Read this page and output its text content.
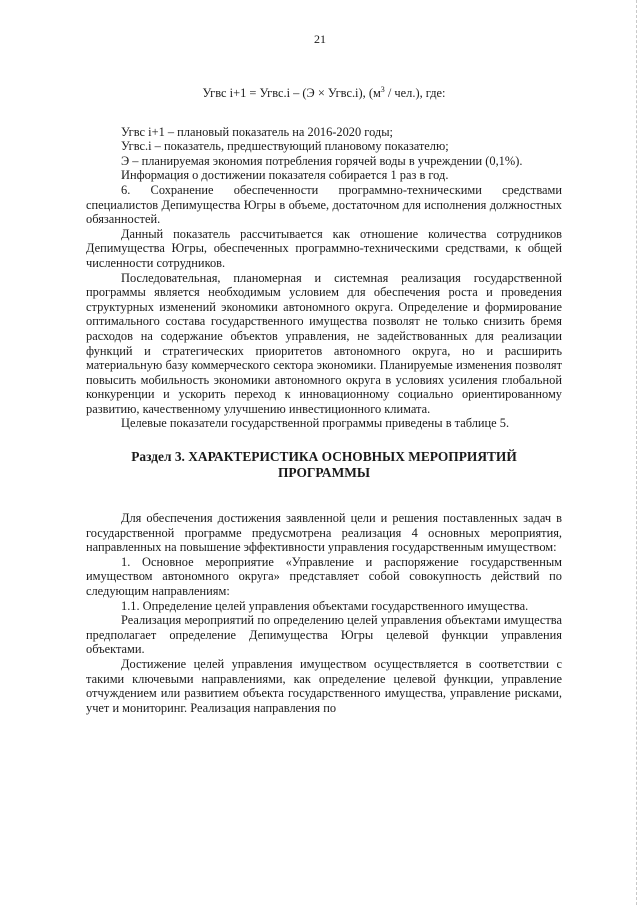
21
Угвс i+1 = Угвс.i – (Э × Угвс.i), $(м^3 / чел.)$, где:

Угвс i+1 – плановый показатель на 2016-2020 годы;

Угвс.i – показатель, предшествующий плановому показателю;

Э – планируемая экономия потребления горячей воды в учреждении (0,1%).

Информация о достижении показателя собирается 1 раз в год.

6. Сохранение обеспеченности программно-техническими средствами специалистов Депимущества Югры в объеме, достаточном для исполнения должностных обязанностей.

Данный показатель рассчитывается как отношение количества сотрудников Депимущества Югры, обеспеченных программно-техническими средствами, к общей численности сотрудников.

Последовательная, планомерная и системная реализация государственной программы является необходимым условием для обеспечения роста и проведения структурных изменений экономики автономного округа. Определение и формирование оптимального состава государственного имущества позволят не только снизить бремя расходов на содержание объектов управления, не задействованных для реализации функций и стратегических приоритетов автономного округа, но и расширить материальную базу коммерческого сектора экономики. Планируемые изменения позволят повысить мобильность экономики автономного округа в условиях усиления глобальной конкуренции и ускорить переход к инновационному социально ориентированному развитию, качественному улучшению инвестиционного климата.

Целевые показатели государственной программы приведены в таблице 5.

Раздел 3. ХАРАКТЕРИСТИКА ОСНОВНЫХ МЕРОПРИЯТИЙ ПРОГРАММЫ

Для обеспечения достижения заявленной цели и решения поставленных задач в государственной программе предусмотрена реализация 4 основных мероприятия, направленных на повышение эффективности управления государственным имуществом:

1. Основное мероприятие «Управление и распоряжение государственным имуществом автономного округа» представляет собой совокупность действий по следующим направлениям:

1.1. Определение целей управления объектами государственного имущества.

Реализация мероприятий по определению целей управления объектами имущества предполагает определение Депимущества Югры целевой функции управления объектами.

Достижение целей управления имуществом осуществляется в соответствии с такими ключевыми направлениями, как определение целевой функции, управление отчуждением или развитием объекта государственного имущества, управление рисками, учет и мониторинг. Реализация направления по
